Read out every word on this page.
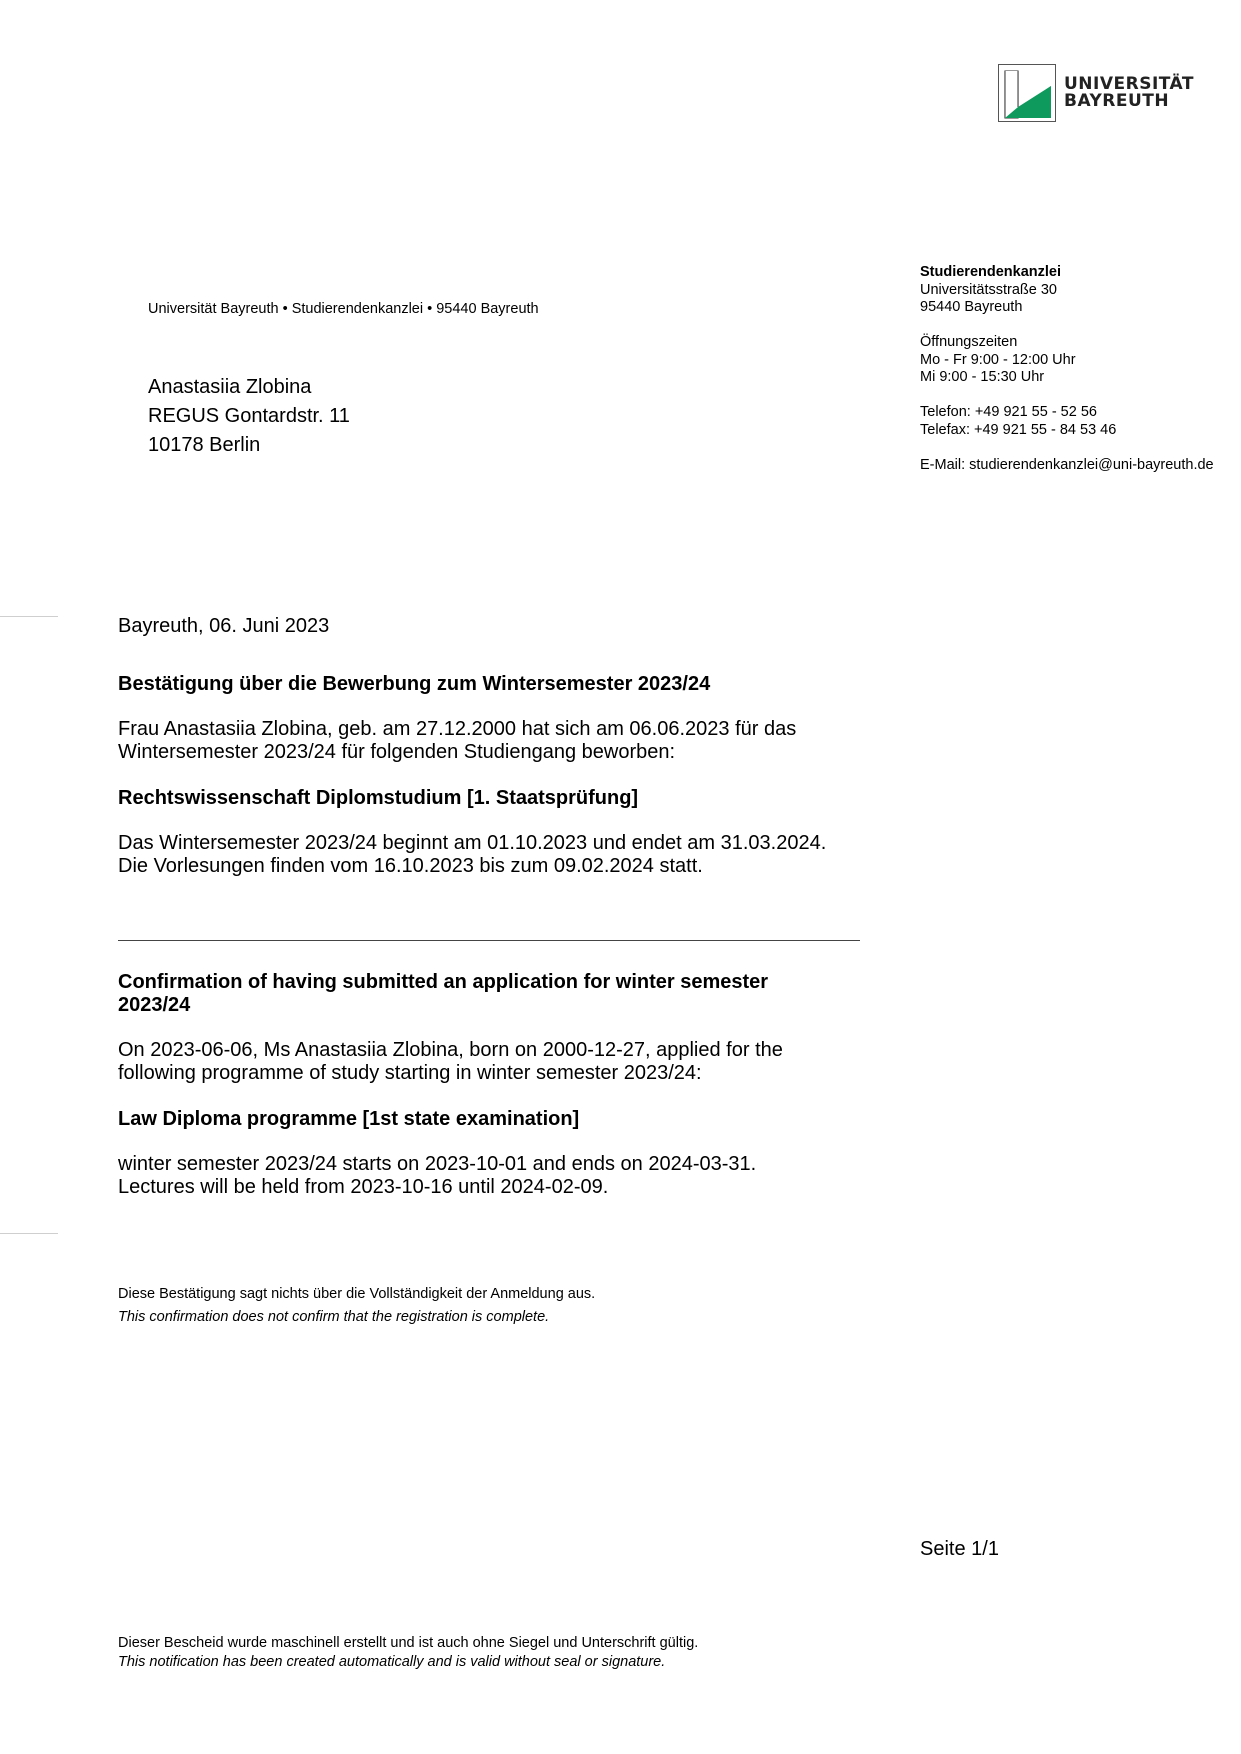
UNIVERSITÄT
BAYREUTH
Universität Bayreuth • Studierendenkanzlei • 95440 Bayreuth
Anastasiia Zlobina
REGUS Gontardstr. 11
10178 Berlin
Studierendenkanzlei
Universitätsstraße 30
95440 Bayreuth
Öffnungszeiten
Mo - Fr 9:00 - 12:00 Uhr
Mi 9:00 - 15:30 Uhr
Telefon: +49 921 55 - 52 56
Telefax: +49 921 55 - 84 53 46
E-Mail: studierendenkanzlei@uni-bayreuth.de
Bayreuth, 06. Juni 2023
Bestätigung über die Bewerbung zum Wintersemester 2023/24
Frau Anastasiia Zlobina, geb. am 27.12.2000 hat sich am 06.06.2023 für das
Wintersemester 2023/24 für folgenden Studiengang beworben:
Rechtswissenschaft Diplomstudium [1. Staatsprüfung]
Das Wintersemester 2023/24 beginnt am 01.10.2023 und endet am 31.03.2024.
Die Vorlesungen finden vom 16.10.2023 bis zum 09.02.2024 statt.
Confirmation of having submitted an application for winter semester
2023/24
On 2023-06-06, Ms Anastasiia Zlobina, born on 2000-12-27, applied for the
following programme of study starting in winter semester 2023/24:
Law Diploma programme [1st state examination]
winter semester 2023/24 starts on 2023-10-01 and ends on 2024-03-31.
Lectures will be held from 2023-10-16 until 2024-02-09.
Diese Bestätigung sagt nichts über die Vollständigkeit der Anmeldung aus.
This confirmation does not confirm that the registration is complete.
Seite 1/1
Dieser Bescheid wurde maschinell erstellt und ist auch ohne Siegel und Unterschrift gültig.
This notification has been created automatically and is valid without seal or signature.
